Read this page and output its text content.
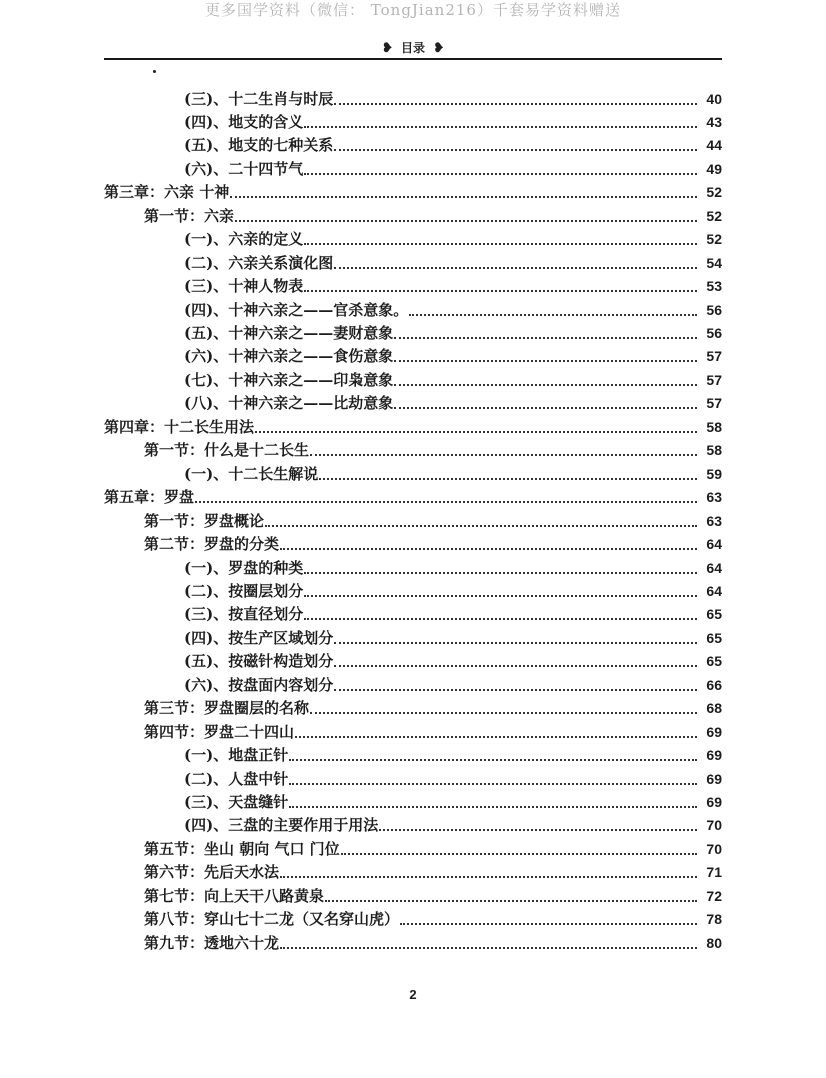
更多国学资料（微信： TongJian216）千套易学资料赠送
❥ 目录 ❥
(三)、十二生肖与时辰	40
(四)、地支的含义	43
(五)、地支的七种关系	44
(六)、二十四节气	49
第三章：六亲 十神	52
第一节：六亲	52
(一)、六亲的定义	52
(二)、六亲关系演化图	54
(三)、十神人物表	53
(四)、十神六亲之——官杀意象。	56
(五)、十神六亲之——妻财意象	56
(六)、十神六亲之——食伤意象	57
(七)、十神六亲之——印枭意象	57
(八)、十神六亲之——比劫意象	57
第四章：十二长生用法	58
第一节：什么是十二长生	58
(一)、十二长生解说	59
第五章：罗盘	63
第一节：罗盘概论	63
第二节：罗盘的分类	64
(一)、罗盘的种类	64
(二)、按圈层划分	64
(三)、按直径划分	65
(四)、按生产区域划分	65
(五)、按磁针构造划分	65
(六)、按盘面内容划分	66
第三节：罗盘圈层的名称	68
第四节：罗盘二十四山	69
(一)、地盘正针	69
(二)、人盘中针	69
(三)、天盘缝针	69
(四)、三盘的主要作用于用法	70
第五节：坐山 朝向 气口 门位	70
第六节：先后天水法	71
第七节：向上天干八路黄泉	72
第八节：穿山七十二龙（又名穿山虎）	78
第九节：透地六十龙	80
2
